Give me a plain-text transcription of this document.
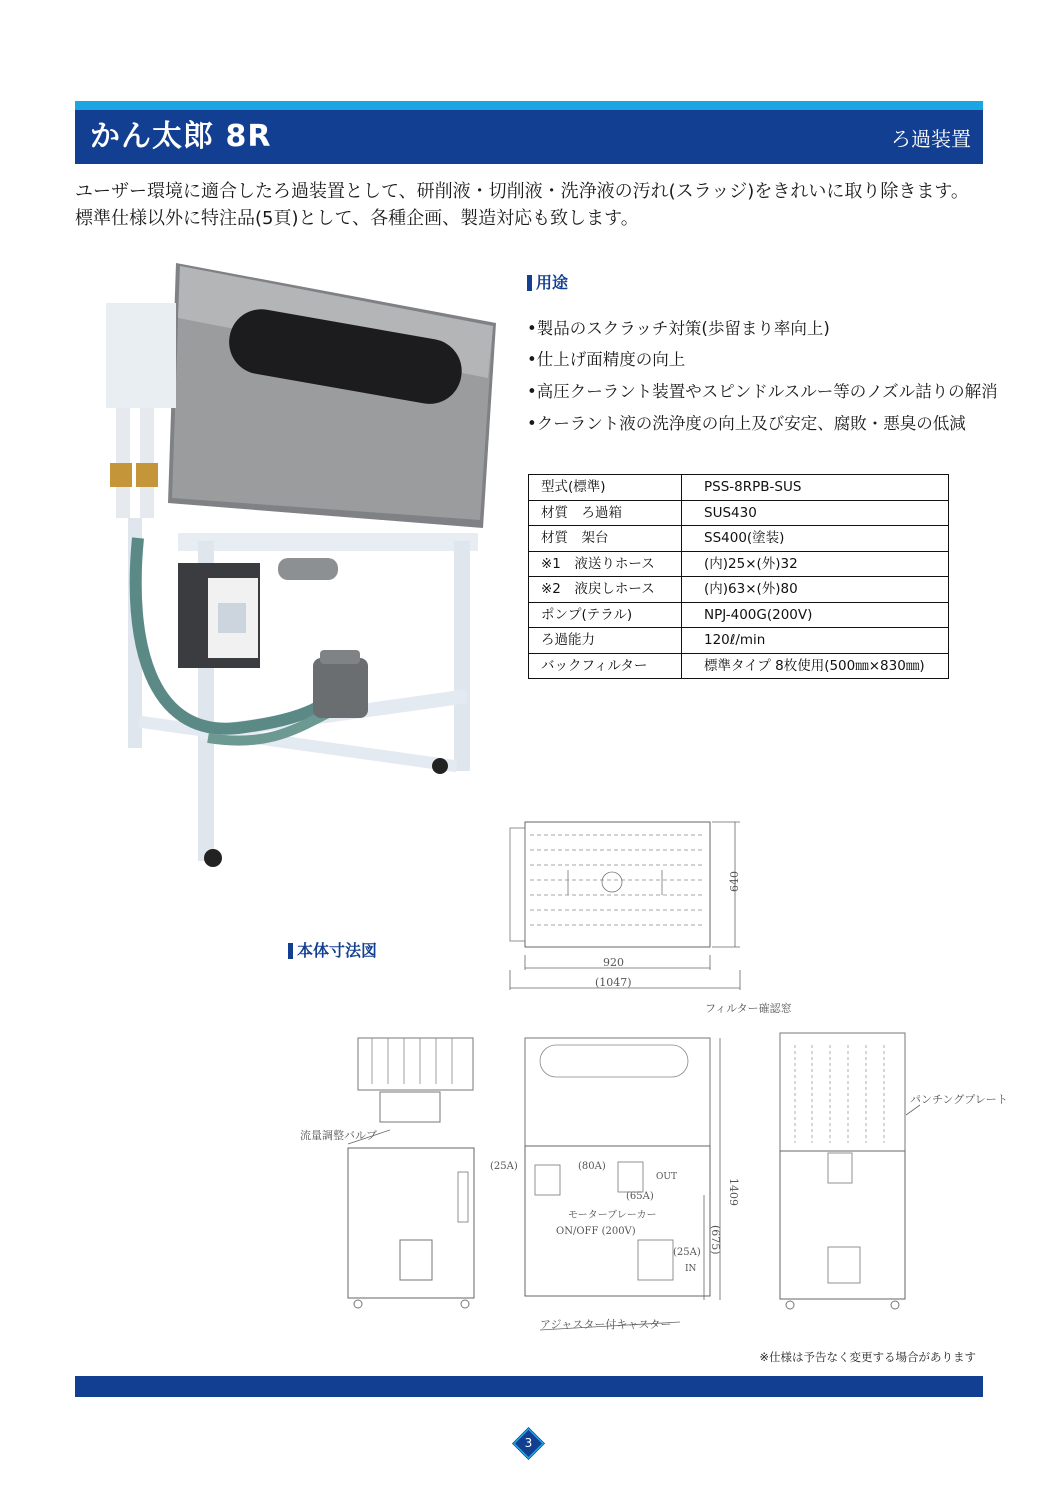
かん太郎 8R	ろ過装置
ユーザー環境に適合したろ過装置として、研削液・切削液・洗浄液の汚れ(スラッジ)をきれいに取り除きます。
標準仕様以外に特注品(5頁)として、各種企画、製造対応も致します。
用途
•製品のスクラッチ対策(歩留まり率向上)
•仕上げ面精度の向上
•高圧クーラント装置やスピンドルスルー等のノズル詰りの解消
•クーラント液の洗浄度の向上及び安定、腐敗・悪臭の低減
型式(標準)	PSS-8RPB-SUS
材質　ろ過箱	SUS430
材質　架台	SS400(塗装)
※1　液送りホース	(内)25×(外)32
※2　液戻しホース	(内)63×(外)80
ポンプ(テラル)	NPJ-400G(200V)
ろ過能力	120ℓ/min
バックフィルター	標準タイプ 8枚使用(500㎜×830㎜)
本体寸法図
640
920
(1047)
流量調整バルブ
フィルター確認窓
(25A)	(80A)
OUT
(65A)
モーターブレーカー
ON/OFF (200V)
(25A)
IN
1409
(675)
アジャスター付キャスター
パンチングプレート
※仕様は予告なく変更する場合があります
3
